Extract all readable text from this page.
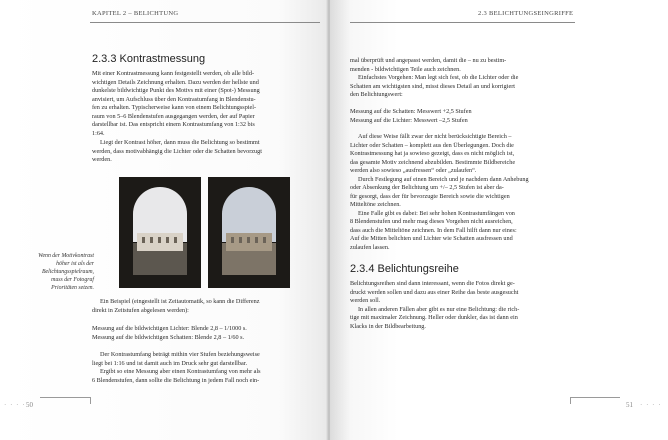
KAPITEL 2 – BELICHTUNG
2.3.3 Kontrastmessung
Mit einer Kontrastmessung kann festgestellt werden, ob alle bild-
wichtigen Details Zeichnung erhalten. Dazu werden der hellste und
dunkelste bildwichtige Punkt des Motivs mit einer (Spot-) Messung
anvisiert, um Aufschluss über den Kontrastumfang in Blendenstu-
fen zu erhalten. Typischerweise kann von einem Belichtungsspiel-
raum von 5–6 Blendenstufen ausgegangen werden, der auf Papier
darstellbar ist. Das entspricht einem Kontrastumfang von 1:32 bis
1:64.
Liegt der Kontrast höher, dann muss die Belichtung so bestimmt
werden, dass motivabhängig die Lichter oder die Schatten bevorzugt
werden.
Wenn der Motivkontrast
höher ist als der
Belichtungsspielraum,
muss der Fotograf
Prioritäten setzen.
Ein Beispiel (eingestellt ist Zeitautomatik, so kann die Differenz
direkt in Zeitstufen abgelesen werden):
Messung auf die bildwichtigen Lichter: Blende 2,8 – 1/1000 s.
Messung auf die bildwichtigen Schatten: Blende 2,8 – 1/60 s.
Der Kontrastumfang beträgt mithin vier Stufen beziehungsweise
liegt bei 1:16 und ist damit auch im Druck sehr gut darstellbar.
Ergibt so eine Messung aber einen Kontrastumfang von mehr als
6 Blendenstufen, dann sollte die Belichtung in jedem Fall noch ein-
· · · · 50
2.3 BELICHTUNGSEINGRIFFE
mal überprüft und angepasst werden, damit die – nu zu bestim-
menden - bildwichtigen Teile auch zeichnen.
Einfachstes Vorgehen: Man legt sich fest, ob die Lichter oder die
Schatten am wichtigsten sind, misst dieses Detail an und korrigiert
den Belichtungswert:
Messung auf die Schatten: Messwert +2,5 Stufen
Messung auf die Lichter: Messwert –2,5 Stufen
Auf diese Weise fällt zwar der nicht berücksichtigte Bereich –
Lichter oder Schatten – komplett aus den Überlegungen. Doch die
Kontrastmessung hat ja sowieso gezeigt, dass es nicht möglich ist,
das gesamte Motiv zeichnend abzubilden. Bestimmte Bildbereiche
werden also sowieso „ausfressen“ oder „zulaufen“.
Durch Festlegung auf einen Bereich und je nachdem dann Anhebung
oder Absenkung der Belichtung um +/– 2,5 Stufen ist aber da-
für gesorgt, dass der für bevorzugte Bereich sowie die wichtigen
Mitteltöne zeichnen.
Eine Falle gibt es dabei: Bei sehr hohen Kontrastumfängen von
8 Blendenstufen und mehr mag dieses Vorgehen nicht ausreichen,
dass auch die Mitteltöne zeichnen. In dem Fall hilft dann nur eines:
Auf die Mitten belichten und Lichter wie Schatten ausfressen und
zulaufen lassen.
2.3.4 Belichtungsreihe
Belichtungsreihen sind dann interessant, wenn die Fotos direkt ge-
druckt werden sollen und dazu aus einer Reihe das beste ausgesucht
werden soll.
In allen anderen Fällen aber gibt es nur eine Belichtung: die rich-
tige mit maximaler Zeichnung. Heller oder dunkler, das ist dann ein
Klacks in der Bildbearbeitung.
51 · · · ·
